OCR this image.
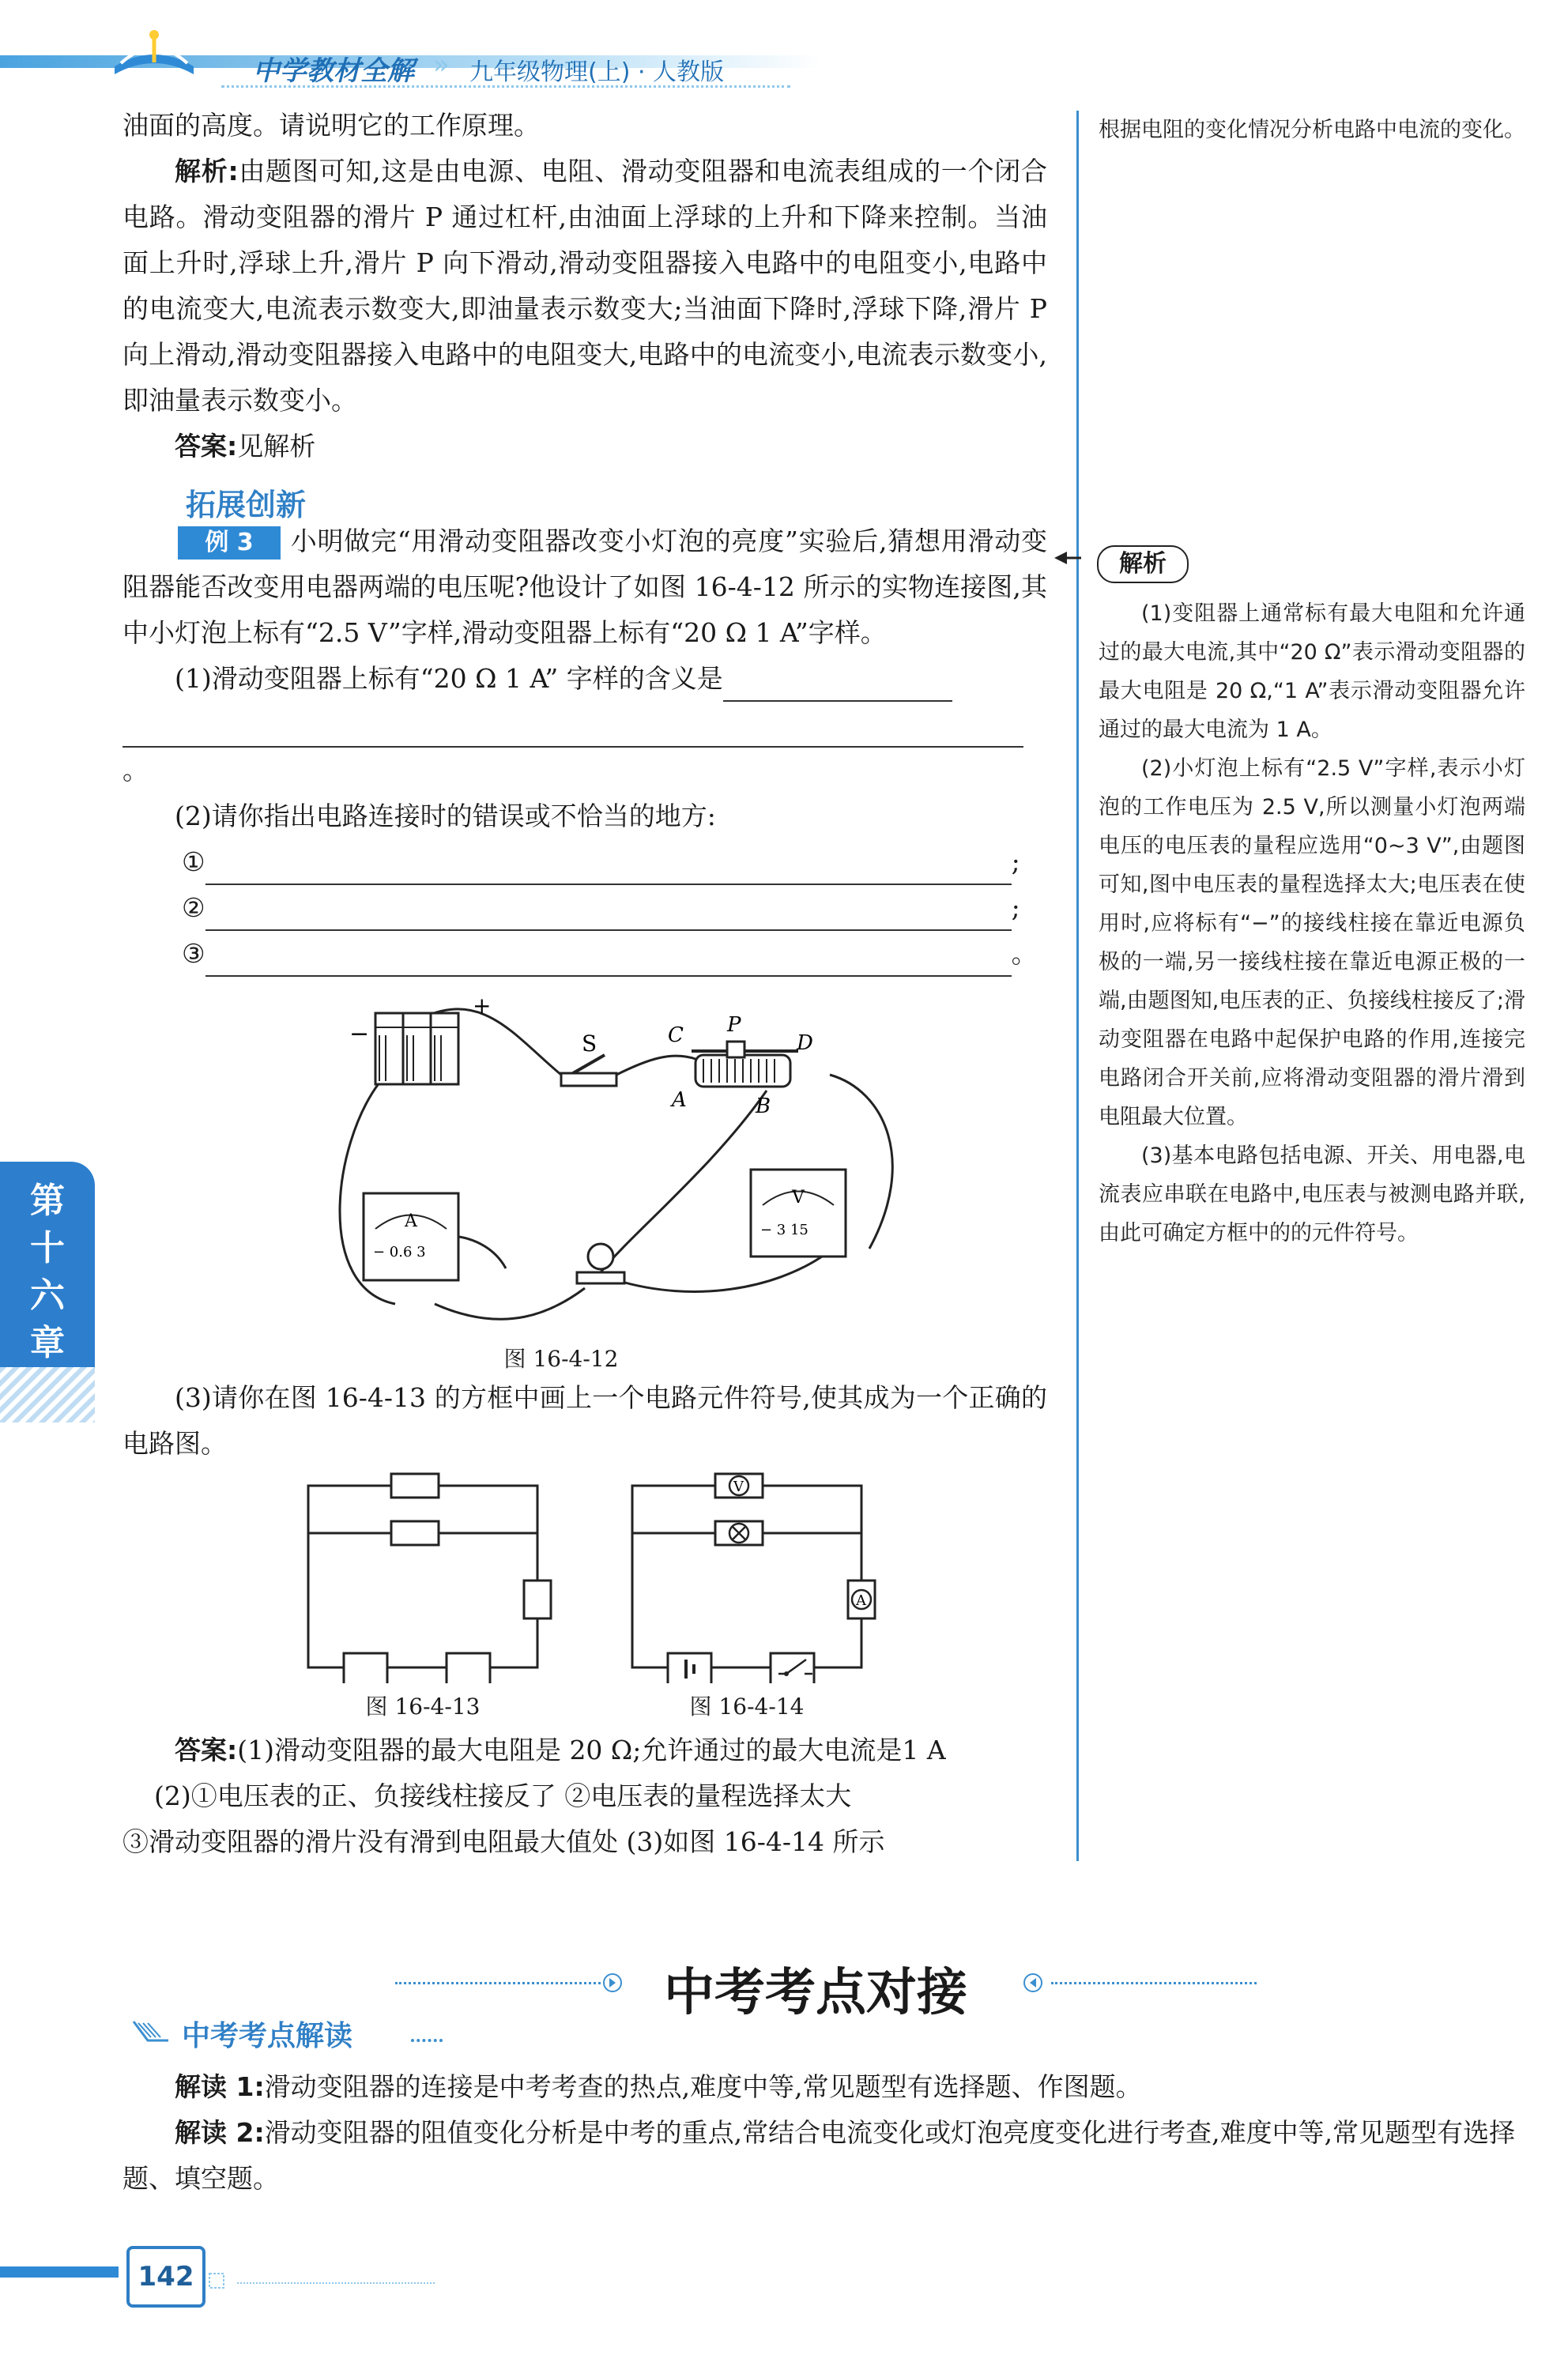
中学教材全解 » 九年级物理(上) · 人教版

油面的高度。请说明它的工作原理。

解析:由题图可知,这是由电源、电阻、滑动变阻器和电流表组成的一个闭合电路。滑动变阻器的滑片 P 通过杠杆,由油面上浮球的上升和下降来控制。当油面上升时,浮球上升,滑片 P 向下滑动,滑动变阻器接入电路中的电阻变小,电路中的电流变大,电流表示数变大,即油量表示数变大;当油面下降时,浮球下降,滑片 P 向上滑动,滑动变阻器接入电路中的电阻变大,电路中的电流变小,电流表示数变小,即油量表示数变小。

答案:见解析

例 3 小明做完“用滑动变阻器改变小灯泡的亮度”实验后,猜想用滑动变阻器能否改变用电器两端的电压呢?他设计了如图 16-4-12 所示的实物连接图,其中小灯泡上标有“2.5 V”字样,滑动变阻器上标有“20 Ω 1 A”字样。

(1)滑动变阻器上标有“20 Ω 1 A” 字样的含义是

。

(2)请你指出电路连接时的错误或不恰当的地方:

①	;

②	;

③	。

拓展创新
−
+
S	C P
D
A	B
A
− 0.6 3
V
− 3 15
图 16-4-12

(3)请你在图 16-4-13 的方框中画上一个电路元件符号,使其成为一个正确的电路图。

图 16-4-13
V
A
图 16-4-14

答案:(1)滑动变阻器的最大电阻是 20 Ω;允许通过的最大电流是1 A

(2)①电压表的正、负接线柱接反了 ②电压表的量程选择太大

③滑动变阻器的滑片没有滑到电阻最大值处 (3)如图 16-4-14 所示

根据电阻的变化情况分析电路中电流的变化。

解析

(1)变阻器上通常标有最大电阻和允许通过的最大电流,其中“20 Ω”表示滑动变阻器的最大电阻是 20 Ω,“1 A”表示滑动变阻器允许通过的最大电流为 1 A。

(2)小灯泡上标有“2.5 V”字样,表示小灯泡的工作电压为 2.5 V,所以测量小灯泡两端电压的电压表的量程应选用“0~3 V”,由题图可知,图中电压表的量程选择太大;电压表在使用时,应将标有“−”的接线柱接在靠近电源负极的一端,另一接线柱接在靠近电源正极的一端,由题图知,电压表的正、负接线柱接反了;滑动变阻器在电路中起保护电路的作用,连接完电路闭合开关前,应将滑动变阻器的滑片滑到电阻最大位置。

(3)基本电路包括电源、开关、用电器,电流表应串联在电路中,电压表与被测电路并联,由此可确定方框中的的元件符号。

第
十
六
章
中考考点对接
中考考点解读

解读 1:滑动变阻器的连接是中考考查的热点,难度中等,常见题型有选择题、作图题。

解读 2:滑动变阻器的阻值变化分析是中考的重点,常结合电流变化或灯泡亮度变化进行考查,难度中等,常见题型有选择题、填空题。

142
